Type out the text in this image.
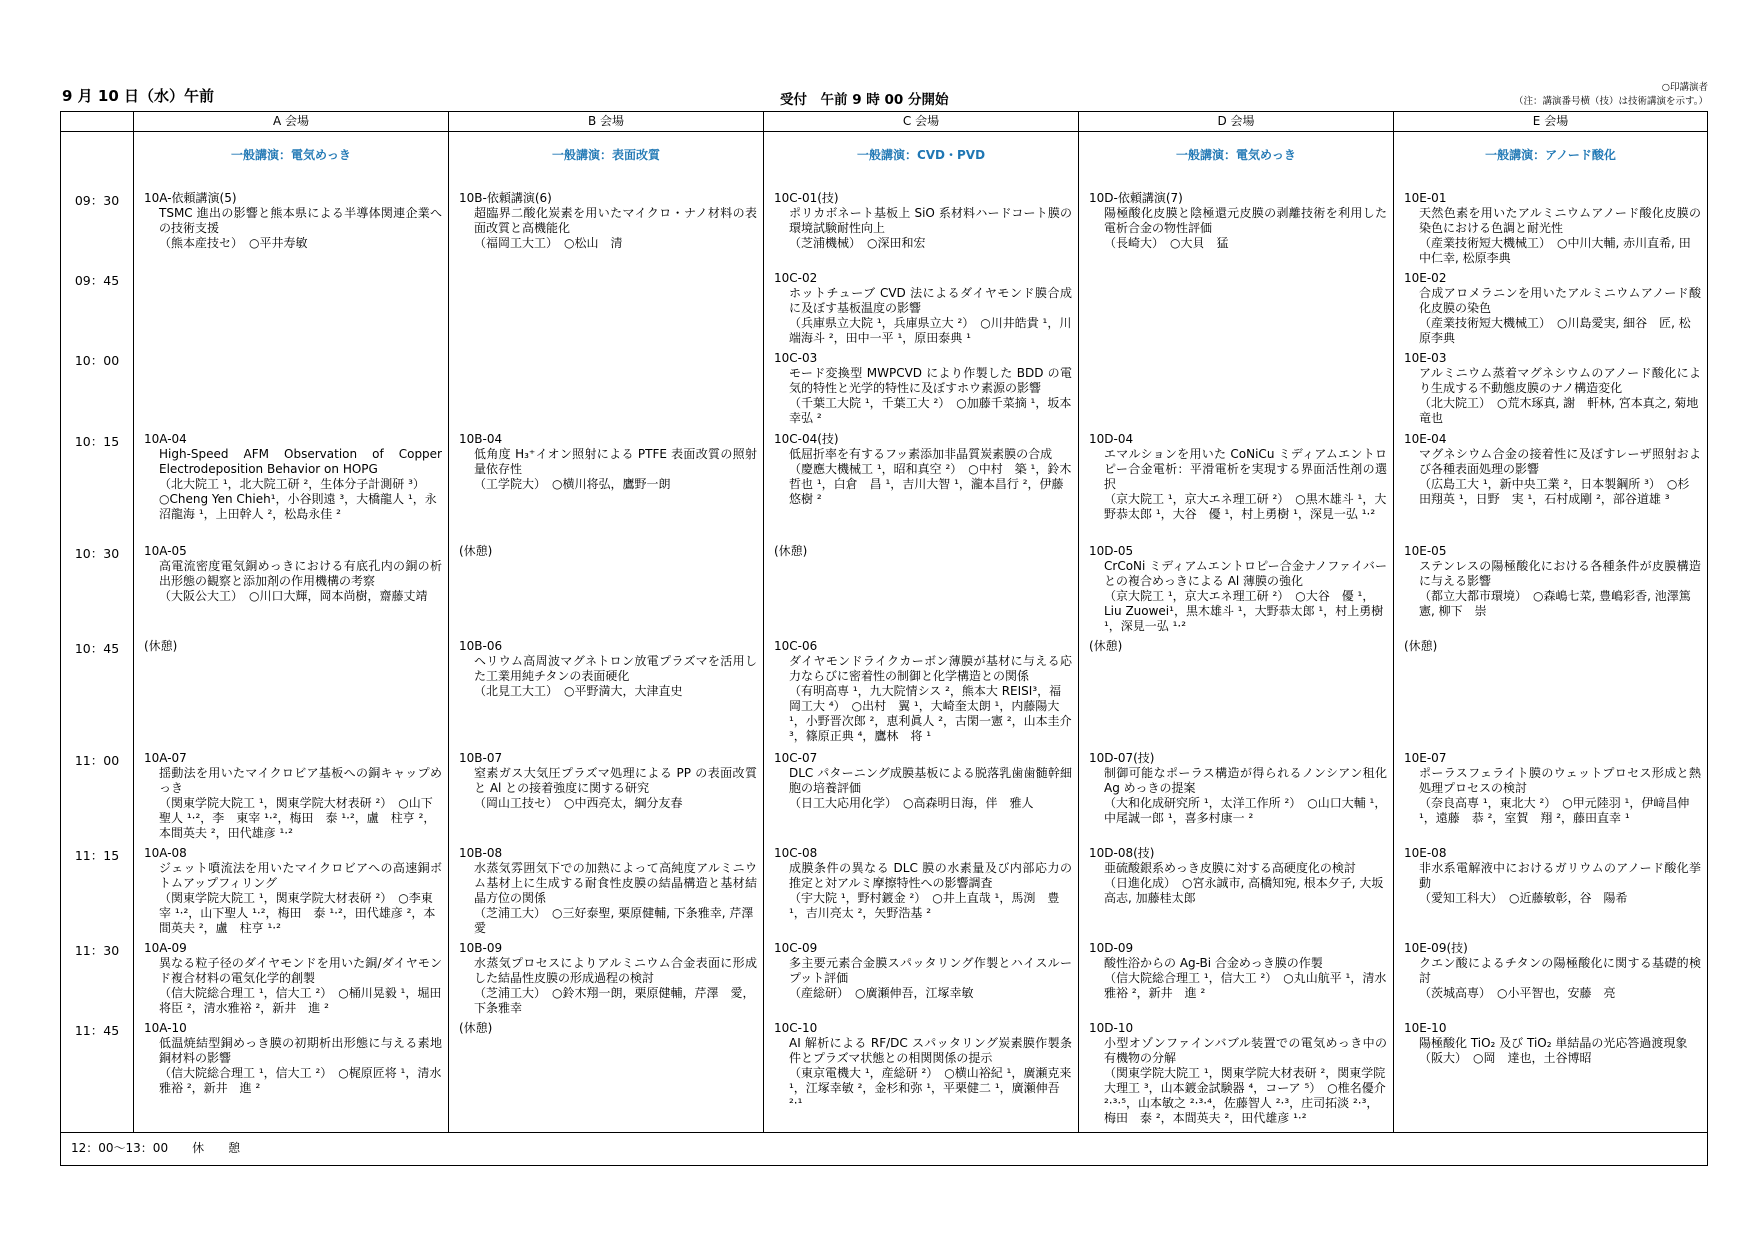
9 月 10 日（水）午前	受付　午前 9 時 00 分開始
○印講演者
（注：講演番号横（技）は技術講演を示す。）
	A 会場	B 会場	C 会場	D 会場	E 会場
	一般講演：電気めっき	一般講演：表面改質	一般講演：CVD・PVD	一般講演：電気めっき	一般講演：アノード酸化
09：30	10A-依頼講演(5)
TSMC 進出の影響と熊本県による半導体関連企業への技術支援
（熊本産技セ）　○平井寿敏	10B-依頼講演(6)
超臨界二酸化炭素を用いたマイクロ・ナノ材料の表面改質と高機能化
（福岡工大工）　○松山　清	10C-01(技)
ポリカボネート基板上 SiO 系材料ハードコート膜の環境試験耐性向上
（芝浦機械）　○深田和宏	10D-依頼講演(7)
陽極酸化皮膜と陰極還元皮膜の剥離技術を利用した電析合金の物性評価
（長崎大）　○大貝　猛	10E-01
天然色素を用いたアルミニウムアノード酸化皮膜の染色における色調と耐光性
（産業技術短大機械工）　○中川大輔, 赤川直希, 田中仁幸, 松原李典

09：45			10C-02
ホットチューブ CVD 法によるダイヤモンド膜合成に及ぼす基板温度の影響
（兵庫県立大院 ¹，兵庫県立大 ²）　○川井皓貴 ¹，川端海斗 ²，田中一平 ¹，原田泰典 ¹		10E-02
合成アロメラニンを用いたアルミニウムアノード酸化皮膜の染色
（産業技術短大機械工）　○川島愛実, 細谷　匠, 松原李典

10：00			10C-03
モード変換型 MWPCVD により作製した BDD の電気的特性と光学的特性に及ぼすホウ素源の影響
（千葉工大院 ¹，千葉工大 ²）　○加藤千菜摘 ¹，坂本幸弘 ²		10E-03
アルミニウム蒸着マグネシウムのアノード酸化により生成する不動態皮膜のナノ構造変化
（北大院工）　○荒木琢真, 謝　軒林, 宮本真之, 菊地竜也

10：15	10A-04
High-Speed AFM Observation of Copper Electrodeposition Behavior on HOPG
（北大院工 ¹，北大院工研 ²，生体分子計測研 ³）○Cheng Yen Chieh¹，小谷則遠 ³，大橋龍人 ¹，永沼龍海 ¹，上田幹人 ²，松島永佳 ²	10B-04
低角度 H₃⁺イオン照射による PTFE 表面改質の照射量依存性
（工学院大）　○横川将弘，鷹野一朗	10C-04(技)
低屈折率を有するフッ素添加非晶質炭素膜の合成
（慶應大機械工 ¹，昭和真空 ²）　○中村　築 ¹，鈴木哲也 ¹，白倉　昌 ¹，吉川大智 ¹，瀧本昌行 ²，伊藤悠樹 ²	10D-04
エマルションを用いた CoNiCu ミディアムエントロピー合金電析：平滑電析を実現する界面活性剤の選択
（京大院工 ¹，京大エネ理工研 ²）　○黒木雄斗 ¹，大野恭太郎 ¹，大谷　優 ¹，村上勇樹 ¹，深見一弘 ¹·²	10E-04
マグネシウム合金の接着性に及ぼすレーザ照射および各種表面処理の影響
（広島工大 ¹，新中央工業 ²，日本製鋼所 ³）　○杉田翔英 ¹，日野　実 ¹，石村成剛 ²，部谷道雄 ³

10：30	10A-05
高電流密度電気銅めっきにおける有底孔内の銅の析出形態の観察と添加剤の作用機構の考察
（大阪公大工）　○川口大輝，岡本尚樹，齋藤丈靖	(休憩)	(休憩)	10D-05
CrCoNi ミディアムエントロピー合金ナノファイバーとの複合めっきによる Al 薄膜の強化
（京大院工 ¹，京大エネ理工研 ²）　○大谷　優 ¹，Liu Zuowei¹，黒木雄斗 ¹，大野恭太郎 ¹，村上勇樹 ¹，深見一弘 ¹·²	10E-05
ステンレスの陽極酸化における各種条件が皮膜構造に与える影響
（都立大都市環境）　○森嶋七菜, 豊嶋彩香, 池澤篤憲, 柳下　崇

10：45	(休憩)	10B-06
ヘリウム高周波マグネトロン放電プラズマを活用した工業用純チタンの表面硬化
（北見工大工）　○平野満大，大津直史	10C-06
ダイヤモンドライクカーボン薄膜が基材に与える応力ならびに密着性の制御と化学構造との関係
（有明高専 ¹，九大院情シス ²，熊本大 REISI³，福岡工大 ⁴）　○出村　翼 ¹，大崎奎太朗 ¹，内藤陽大 ¹，小野晋次郎 ²，恵利眞人 ²，古閑一憲 ²，山本圭介 ³，篠原正典 ⁴，鷹林　将 ¹	(休憩)	(休憩)

11：00	10A-07
揺動法を用いたマイクロビア基板への銅キャップめっき
（関東学院大院工 ¹，関東学院大材表研 ²）　○山下聖人 ¹·²，李　東宰 ¹·²，梅田　泰 ¹·²，盧　柱亨 ²，本間英夫 ²，田代雄彦 ¹·²	10B-07
窒素ガス大気圧プラズマ処理による PP の表面改質と Al との接着強度に関する研究
（岡山工技セ）　○中西亮太，綱分友春	10C-07
DLC パターニング成膜基板による脱落乳歯歯髄幹細胞の培養評価
（日工大応用化学）　○高森明日海，伴　雅人	10D-07(技)
制御可能なポーラス構造が得られるノンシアン租化 Ag めっきの提案
（大和化成研究所 ¹，太洋工作所 ²）　○山口大輔 ¹，中尾誠一郎 ¹，喜多村康一 ²	10E-07
ポーラスフェライト膜のウェットプロセス形成と熱処理プロセスの検討
（奈良高専 ¹，東北大 ²）　○甲元陸羽 ¹，伊﨑昌伸 ¹，遠藤　恭 ²，室賀　翔 ²，藤田直幸 ¹

11：15	10A-08
ジェット噴流法を用いたマイクロビアへの高速銅ボトムアップフィリング
（関東学院大院工 ¹，関東学院大材表研 ²）　○李東宰 ¹·²，山下聖人 ¹·²，梅田　泰 ¹·²，田代雄彦 ²，本間英夫 ²，盧　柱亨 ¹·²	10B-08
水蒸気雰囲気下での加熱によって高純度アルミニウム基材上に生成する耐食性皮膜の結晶構造と基材結晶方位の関係
（芝浦工大）　○三好泰聖, 栗原健輔, 下条雅幸, 芹澤　愛	10C-08
成膜条件の異なる DLC 膜の水素量及び内部応力の推定と対アルミ摩擦特性への影響調査
（宇大院 ¹，野村鍍金 ²）　○井上直哉 ¹，馬渕　豊 ¹，吉川亮太 ²，矢野浩基 ²	10D-08(技)
亜硫酸銀系めっき皮膜に対する高硬度化の検討
（日進化成）　○宮永誠市, 高橋知宛, 根本夕子, 大坂高志, 加藤桂太郎	10E-08
非水系電解液中におけるガリウムのアノード酸化挙動
（愛知工科大）　○近藤敏彰，谷　陽希

11：30	10A-09
異なる粒子径のダイヤモンドを用いた銅/ダイヤモンド複合材料の電気化学的創製
（信大院総合理工 ¹，信大工 ²）　○桶川晃毅 ¹，堀田将臣 ²，清水雅裕 ²，新井　進 ²	10B-09
水蒸気プロセスによりアルミニウム合金表面に形成した結晶性皮膜の形成過程の検討
（芝浦工大）　○鈴木翔一朗，栗原健輔，芹澤　愛，下条雅幸	10C-09
多主要元素合金膜スパッタリング作製とハイスループット評価
（産総研）　○廣瀬伸吾，江塚幸敏	10D-09
酸性浴からの Ag-Bi 合金めっき膜の作製
（信大院総合理工 ¹，信大工 ²）　○丸山航平 ¹，清水雅裕 ²，新井　進 ²	10E-09(技)
クエン酸によるチタンの陽極酸化に関する基礎的検討
（茨城高専）　○小平智也，安藤　亮

11：45	10A-10
低温焼結型銅めっき膜の初期析出形態に与える素地銅材料の影響
（信大院総合理工 ¹，信大工 ²）　○梶原匠将 ¹，清水雅裕 ²，新井　進 ²	(休憩)	10C-10
AI 解析による RF/DC スパッタリング炭素膜作製条件とプラズマ状態との相関関係の提示
（東京電機大 ¹，産総研 ²）　○横山裕紀 ¹，廣瀬克来 ¹，江塚幸敏 ²，金杉和弥 ¹，平栗健二 ¹，廣瀬伸吾 ²·¹	10D-10
小型オゾンファインバブル装置での電気めっき中の有機物の分解
（関東学院大院工 ¹，関東学院大材表研 ²，関東学院大理工 ³，山本鍍金試験器 ⁴，コーア ⁵）　○椎名優介 ²·³·⁵，山本敏之 ²·³·⁴，佐藤智人 ²·³，庄司拓淡 ²·³，梅田　泰 ²，本間英夫 ²，田代雄彦 ¹·²	10E-10
陽極酸化 TiO₂ 及び TiO₂ 単結晶の光応答過渡現象
（阪大）　○岡　達也，土谷博昭

12：00～13：00　　休　　憩					
